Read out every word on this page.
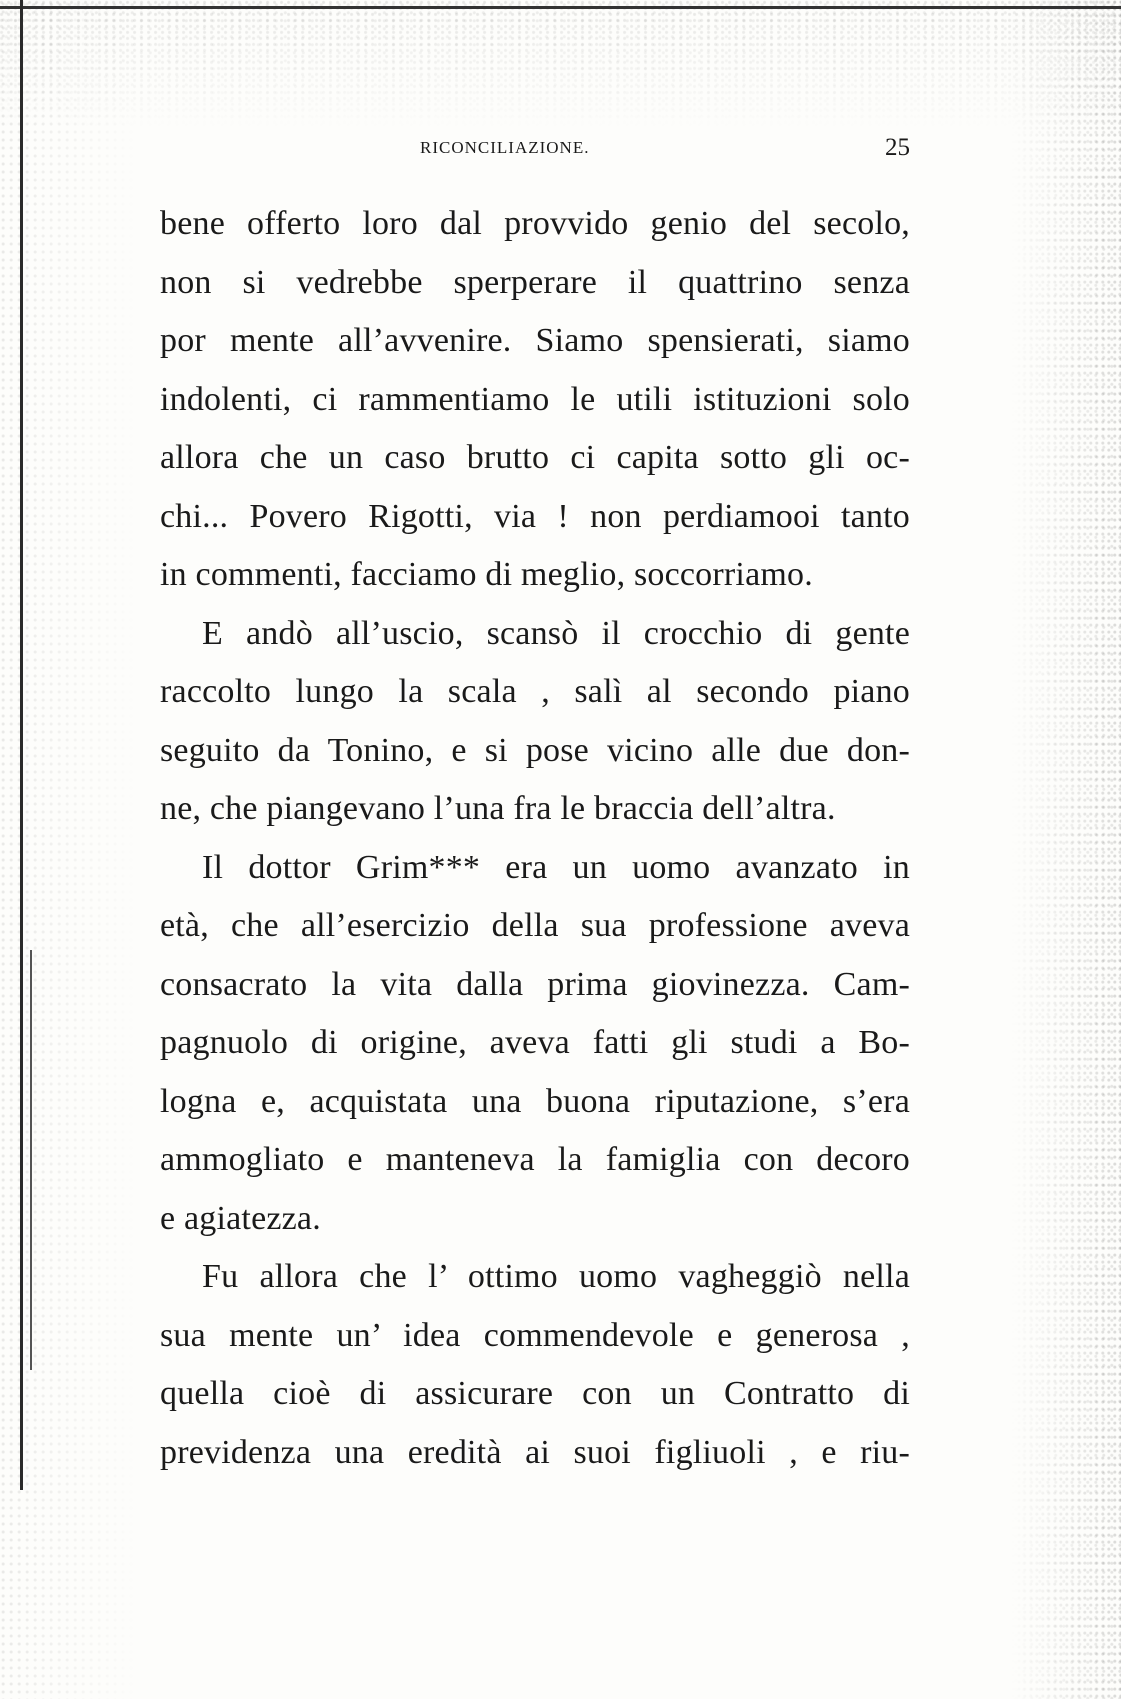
RICONCILIAZIONE.	25
bene offerto loro dal provvido genio del secolo,
non si vedrebbe sperperare il quattrino senza
por mente all’avvenire. Siamo spensierati, siamo
indolenti, ci rammentiamo le utili istituzioni solo
allora che un caso brutto ci capita sotto gli oc-
chi... Povero Rigotti, via ! non perdiamooi tanto
in commenti, facciamo di meglio, soccorriamo.
E andò all’uscio, scansò il crocchio di gente
raccolto lungo la scala , salì al secondo piano
seguito da Tonino, e si pose vicino alle due don-
ne, che piangevano l’una fra le braccia dell’altra.
Il dottor Grim*** era un uomo avanzato in
età, che all’esercizio della sua professione aveva
consacrato la vita dalla prima giovinezza. Cam-
pagnuolo di origine, aveva fatti gli studi a Bo-
logna e, acquistata una buona riputazione, s’era
ammogliato e manteneva la famiglia con decoro
e agiatezza.
Fu allora che l’ ottimo uomo vagheggiò nella
sua mente un’ idea commendevole e generosa ,
quella cioè di assicurare con un Contratto di
previdenza una eredità ai suoi figliuoli , e riu-
